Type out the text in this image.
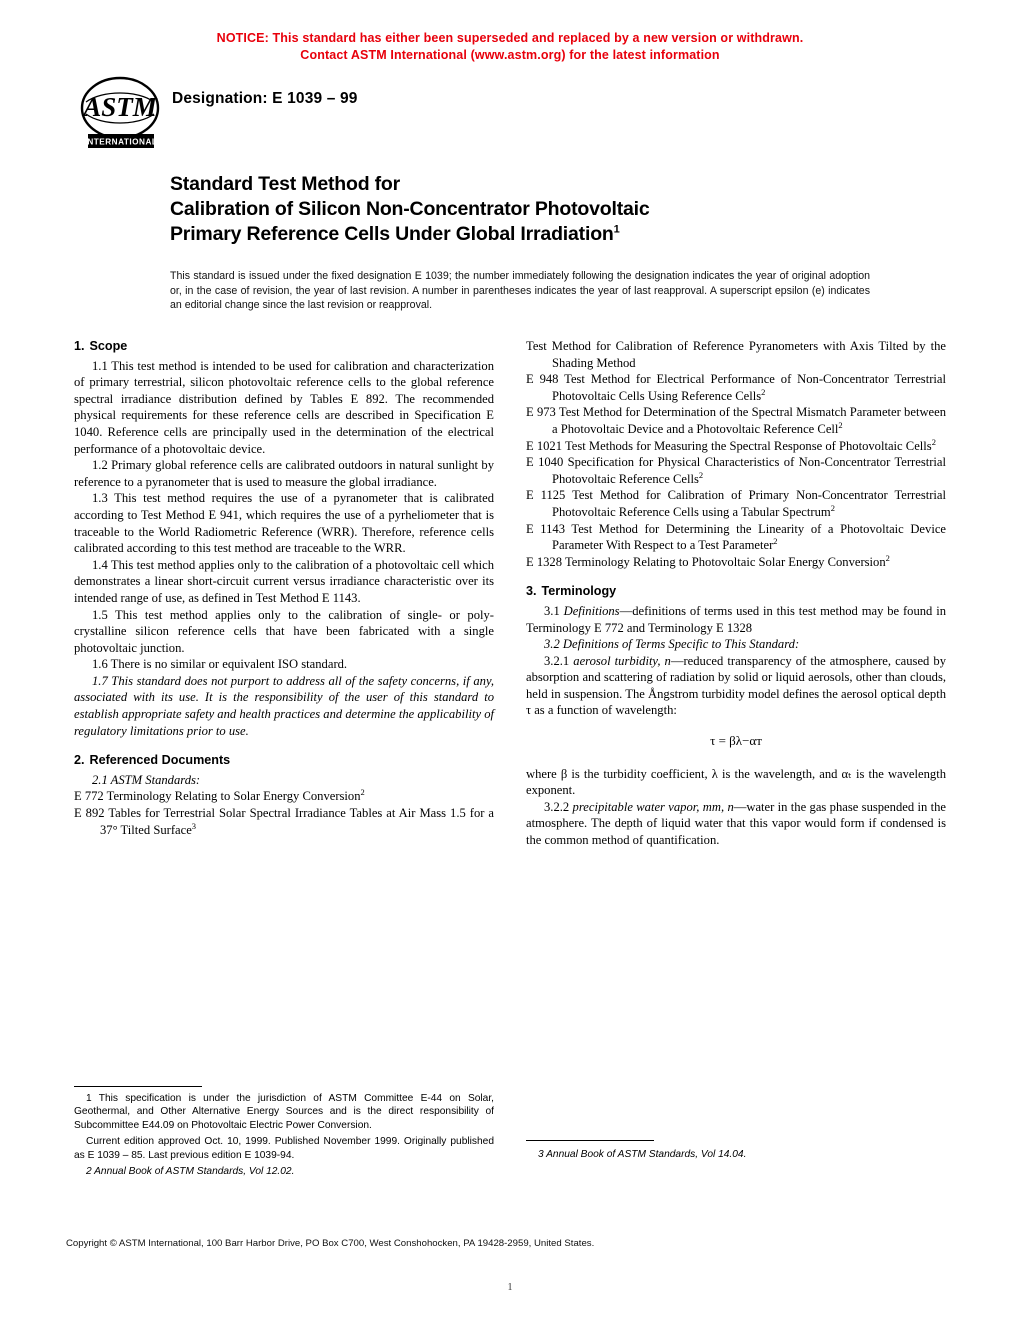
NOTICE: This standard has either been superseded and replaced by a new version or withdrawn.
Contact ASTM International (www.astm.org) for the latest information
ASTM
INTERNATIONAL
Designation: E 1039 – 99
Standard Test Method for
Calibration of Silicon Non-Concentrator Photovoltaic
Primary Reference Cells Under Global Irradiation$^1$
This standard is issued under the fixed designation E 1039; the number immediately following the designation indicates the year of original adoption or, in the case of revision, the year of last revision. A number in parentheses indicates the year of last reapproval. A superscript epsilon (e) indicates an editorial change since the last revision or reapproval.
1. Scope

1.1 This test method is intended to be used for calibration and characterization of primary terrestrial, silicon photovoltaic reference cells to the global reference spectral irradiance distribution defined by Tables E 892. The recommended physical requirements for these reference cells are described in Specification E 1040. Reference cells are principally used in the determination of the electrical performance of a photovoltaic device.

1.2 Primary global reference cells are calibrated outdoors in natural sunlight by reference to a pyranometer that is used to measure the global irradiance.

1.3 This test method requires the use of a pyranometer that is calibrated according to Test Method E 941, which requires the use of a pyrheliometer that is traceable to the World Radiometric Reference (WRR). Therefore, reference cells calibrated according to this test method are traceable to the WRR.

1.4 This test method applies only to the calibration of a photovoltaic cell which demonstrates a linear short-circuit current versus irradiance characteristic over its intended range of use, as defined in Test Method E 1143.

1.5 This test method applies only to the calibration of single- or poly-crystalline silicon reference cells that have been fabricated with a single photovoltaic junction.

1.6 There is no similar or equivalent ISO standard.

1.7 This standard does not purport to address all of the safety concerns, if any, associated with its use. It is the responsibility of the user of this standard to establish appropriate safety and health practices and determine the applicability of regulatory limitations prior to use.

2. Referenced Documents

2.1 ASTM Standards:

E 772 Terminology Relating to Solar Energy Conversion$^2$

E 892 Tables for Terrestrial Solar Spectral Irradiance Tables at Air Mass 1.5 for a 37° Tilted Surface$^3$

Test Method for Calibration of Reference Pyranometers with Axis Tilted by the Shading Method

E 948 Test Method for Electrical Performance of Non-Concentrator Terrestrial Photovoltaic Cells Using Reference Cells$^2$

E 973 Test Method for Determination of the Spectral Mismatch Parameter between a Photovoltaic Device and a Photovoltaic Reference Cell$^2$

E 1021 Test Methods for Measuring the Spectral Response of Photovoltaic Cells$^2$

E 1040 Specification for Physical Characteristics of Non-Concentrator Terrestrial Photovoltaic Reference Cells$^2$

E 1125 Test Method for Calibration of Primary Non-Concentrator Terrestrial Photovoltaic Reference Cells using a Tabular Spectrum$^2$

E 1143 Test Method for Determining the Linearity of a Photovoltaic Device Parameter With Respect to a Test Parameter$^2$

E 1328 Terminology Relating to Photovoltaic Solar Energy Conversion$^2$

3. Terminology

3.1 Definitions—definitions of terms used in this test method may be found in Terminology E 772 and Terminology E 1328

3.2 Definitions of Terms Specific to This Standard:

3.2.1 aerosol turbidity, n—reduced transparency of the atmosphere, caused by absorption and scattering of radiation by solid or liquid aerosols, other than clouds, held in suspension. The Ångstrom turbidity model defines the aerosol optical depth τ as a function of wavelength:

τ = βλ−αᴛ

where β is the turbidity coefficient, λ is the wavelength, and αₜ is the wavelength exponent.

3.2.2 precipitable water vapor, mm, n—water in the gas phase suspended in the atmosphere. The depth of liquid water that this vapor would form if condensed is the common method of quantification.

1 This specification is under the jurisdiction of ASTM Committee E-44 on Solar, Geothermal, and Other Alternative Energy Sources and is the direct responsibility of Subcommittee E44.09 on Photovoltaic Electric Power Conversion.

Current edition approved Oct. 10, 1999. Published November 1999. Originally published as E 1039 – 85. Last previous edition E 1039-94.

2 Annual Book of ASTM Standards, Vol 12.02.

3 Annual Book of ASTM Standards, Vol 14.04.

Copyright © ASTM International, 100 Barr Harbor Drive, PO Box C700, West Conshohocken, PA 19428-2959, United States.
1
